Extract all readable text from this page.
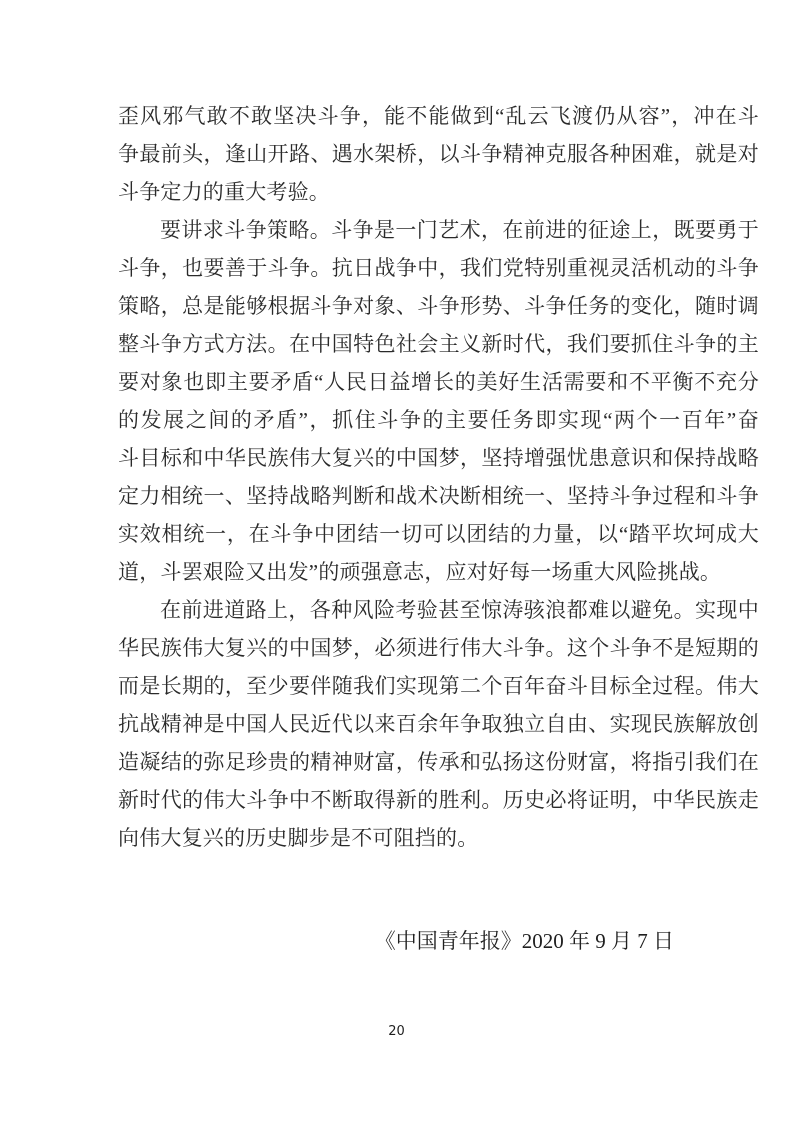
歪风邪气敢不敢坚决斗争，能不能做到“乱云飞渡仍从容”，冲在斗
争最前头，逢山开路、遇水架桥，以斗争精神克服各种困难，就是对
斗争定力的重大考验。
要讲求斗争策略。斗争是一门艺术，在前进的征途上，既要勇于
斗争，也要善于斗争。抗日战争中，我们党特别重视灵活机动的斗争
策略，总是能够根据斗争对象、斗争形势、斗争任务的变化，随时调
整斗争方式方法。在中国特色社会主义新时代，我们要抓住斗争的主
要对象也即主要矛盾“人民日益增长的美好生活需要和不平衡不充分
的发展之间的矛盾”，抓住斗争的主要任务即实现“两个一百年”奋
斗目标和中华民族伟大复兴的中国梦，坚持增强忧患意识和保持战略
定力相统一、坚持战略判断和战术决断相统一、坚持斗争过程和斗争
实效相统一，在斗争中团结一切可以团结的力量，以“踏平坎坷成大
道，斗罢艰险又出发”的顽强意志，应对好每一场重大风险挑战。
在前进道路上，各种风险考验甚至惊涛骇浪都难以避免。实现中
华民族伟大复兴的中国梦，必须进行伟大斗争。这个斗争不是短期的
而是长期的，至少要伴随我们实现第二个百年奋斗目标全过程。伟大
抗战精神是中国人民近代以来百余年争取独立自由、实现民族解放创
造凝结的弥足珍贵的精神财富，传承和弘扬这份财富，将指引我们在
新时代的伟大斗争中不断取得新的胜利。历史必将证明，中华民族走
向伟大复兴的历史脚步是不可阻挡的。
《中国青年报》2020 年 9 月 7 日
20
